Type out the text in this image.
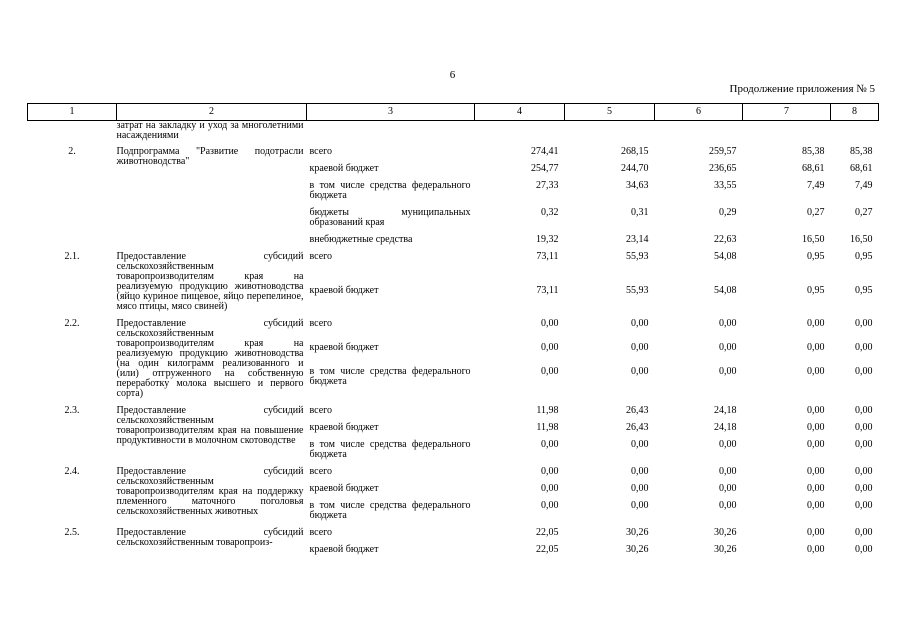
6
Продолжение приложения № 5
1	2	3	4	5	6	7	8
	затрат на закладку и уход за многолетними насаждениями						
2.	Подпрограмма "Развитие подотрасли животноводства"	всего	274,41	268,15	259,57	85,38	85,38
		краевой бюджет	254,77	244,70	236,65	68,61	68,61
		в том числе средства федерального бюджета	27,33	34,63	33,55	7,49	7,49
		бюджеты муниципальных образований края	0,32	0,31	0,29	0,27	0,27
		внебюджетные средства	19,32	23,14	22,63	16,50	16,50
2.1.	Предоставление субсидий сельскохозяйственным товаропроизводителям края на реализуемую продукцию животноводства (яйцо куриное пищевое, яйцо перепелиное, мясо птицы, мясо свиней)	всего	73,11	55,93	54,08	0,95	0,95
		краевой бюджет	73,11	55,93	54,08	0,95	0,95
2.2.	Предоставление субсидий сельскохозяйственным товаропроизводителям края на реализуемую продукцию животноводства (на один килограмм реализованного и (или) отгруженного на собственную переработку молока высшего и первого сорта)	всего	0,00	0,00	0,00	0,00	0,00
		краевой бюджет	0,00	0,00	0,00	0,00	0,00
		в том числе средства федерального бюджета	0,00	0,00	0,00	0,00	0,00
2.3.	Предоставление субсидий сельскохозяйственным товаропроизводителям края на повышение продуктивности в молочном скотоводстве	всего	11,98	26,43	24,18	0,00	0,00
		краевой бюджет	11,98	26,43	24,18	0,00	0,00
		в том числе средства федерального бюджета	0,00	0,00	0,00	0,00	0,00
2.4.	Предоставление субсидий сельскохозяйственным товаропроизводителям края на поддержку племенного маточного поголовья сельскохозяйственных животных	всего	0,00	0,00	0,00	0,00	0,00
		краевой бюджет	0,00	0,00	0,00	0,00	0,00
		в том числе средства федерального бюджета	0,00	0,00	0,00	0,00	0,00
2.5.	Предоставление субсидий сельскохозяйственным товаропроиз-	всего	22,05	30,26	30,26	0,00	0,00
		краевой бюджет	22,05	30,26	30,26	0,00	0,00
